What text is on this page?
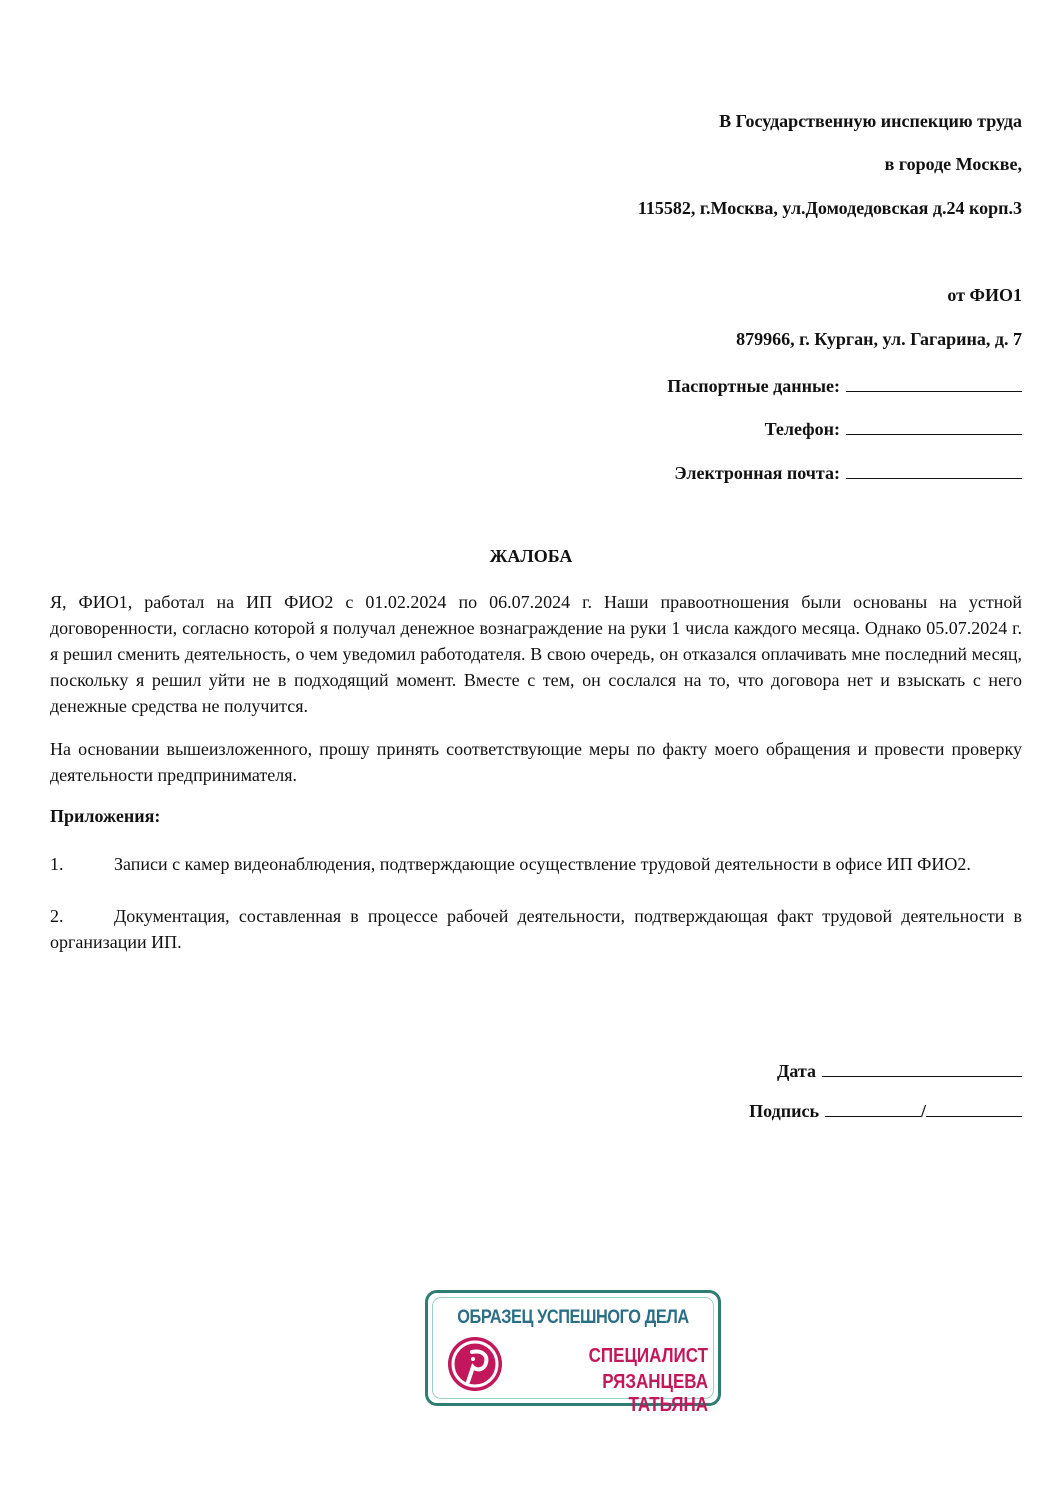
В Государственную инспекцию труда
в городе Москве,
115582, г.Москва, ул.Домодедовская д.24 корп.3
от ФИО1
879966, г. Курган, ул. Гагарина, д. 7
Паспортные данные:
Телефон:
Электронная почта:
ЖАЛОБА
Я, ФИО1, работал на ИП ФИО2 с 01.02.2024 по 06.07.2024 г. Наши правоотношения были основаны на устной договоренности, согласно которой я получал денежное вознаграждение на руки 1 числа каждого месяца. Однако 05.07.2024 г. я решил сменить деятельность, о чем уведомил работодателя. В свою очередь, он отказался оплачивать мне последний месяц, поскольку я решил уйти не в подходящий момент. Вместе с тем, он сослался на то, что договора нет и взыскать с него денежные средства не получится.
На основании вышеизложенного, прошу принять соответствующие меры по факту моего обращения и провести проверку деятельности предпринимателя.
Приложения:
1.	Записи с камер видеонаблюдения, подтверждающие осуществление трудовой деятельности в офисе ИП ФИО2.
2.	Документация, составленная в процессе рабочей деятельности, подтверждающая факт трудовой деятельности в организации ИП.
Дата
Подпись	/
ОБРАЗЕЦ УСПЕШНОГО ДЕЛА
СПЕЦИАЛИСТ
РЯЗАНЦЕВА ТАТЬЯНА
